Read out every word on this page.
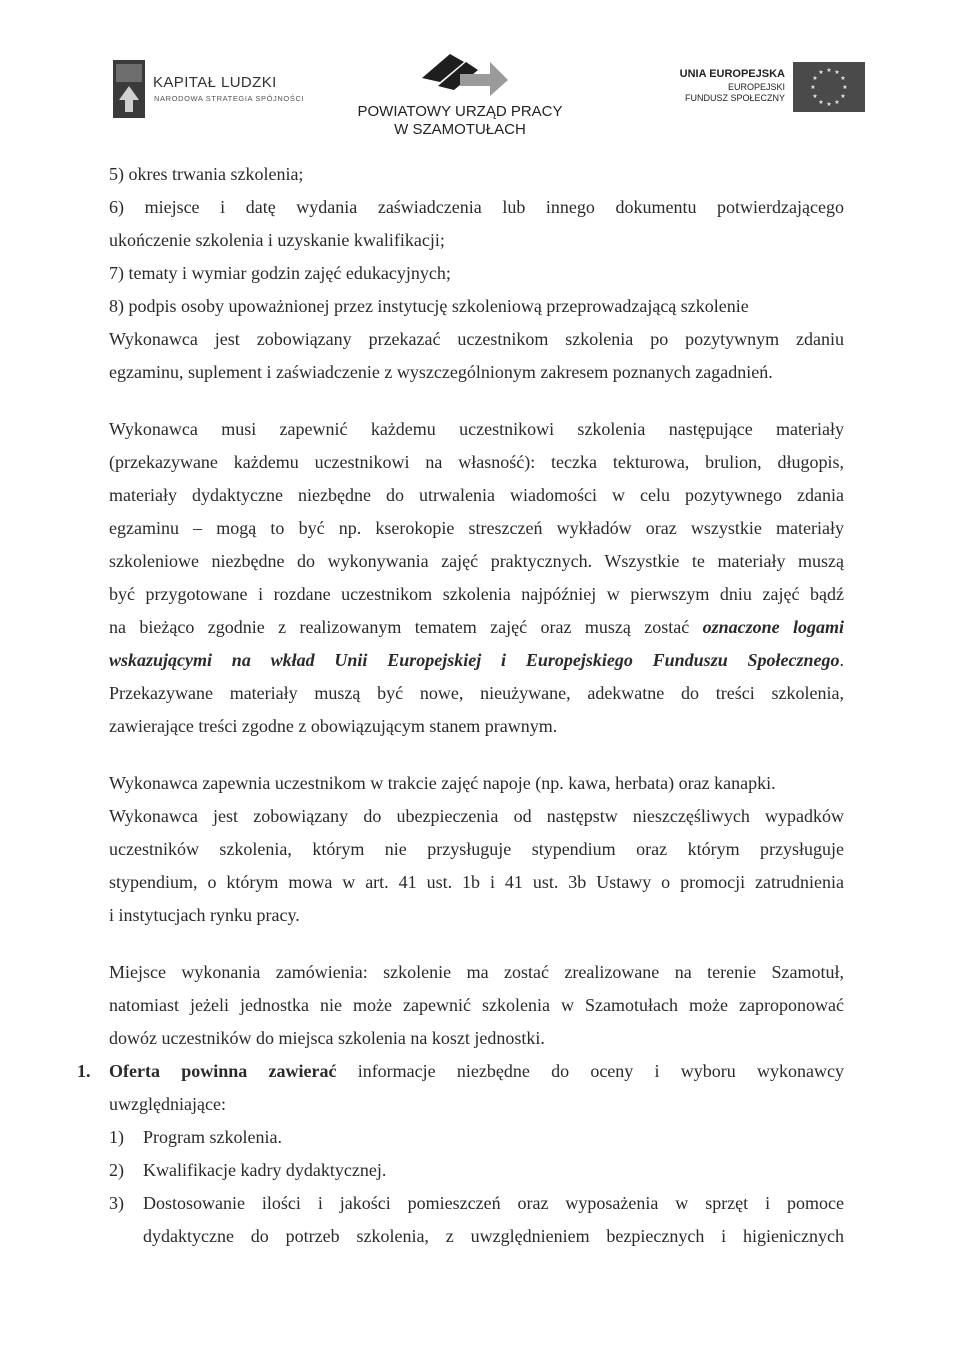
KAPITAŁ LUDZKI
NARODOWA STRATEGIA SPÓJNOŚCI
POWIATOWY URZĄD PRACY
W SZAMOTUŁACH
UNIA EUROPEJSKA
EUROPEJSKI
FUNDUSZ SPOŁECZNY
★ ★
★
★
★
★
★
★
★
★
★
★
5) okres trwania szkolenia;
6) miejsce i datę wydania zaświadczenia lub innego dokumentu potwierdzającego
ukończenie szkolenia i uzyskanie kwalifikacji;
7) tematy i wymiar godzin zajęć edukacyjnych;
8) podpis osoby upoważnionej przez instytucję szkoleniową przeprowadzającą szkolenie
Wykonawca jest zobowiązany przekazać uczestnikom szkolenia po pozytywnym zdaniu
egzaminu, suplement i zaświadczenie z wyszczególnionym zakresem poznanych zagadnień.
Wykonawca musi zapewnić każdemu uczestnikowi szkolenia następujące materiały
(przekazywane każdemu uczestnikowi na własność): teczka tekturowa, brulion, długopis,
materiały dydaktyczne niezbędne do utrwalenia wiadomości w celu pozytywnego zdania
egzaminu – mogą to być np. kserokopie streszczeń wykładów oraz wszystkie materiały
szkoleniowe niezbędne do wykonywania zajęć praktycznych. Wszystkie te materiały muszą
być przygotowane i rozdane uczestnikom szkolenia najpóźniej w pierwszym dniu zajęć bądź
na bieżąco zgodnie z realizowanym tematem zajęć oraz muszą zostać oznaczone logami
wskazującymi na wkład Unii Europejskiej i Europejskiego Funduszu Społecznego.
Przekazywane materiały muszą być nowe, nieużywane, adekwatne do treści szkolenia,
zawierające treści zgodne z obowiązującym stanem prawnym.
Wykonawca zapewnia uczestnikom w trakcie zajęć napoje (np. kawa, herbata) oraz kanapki.
Wykonawca jest zobowiązany do ubezpieczenia od następstw nieszczęśliwych wypadków
uczestników szkolenia, którym nie przysługuje stypendium oraz którym przysługuje
stypendium, o którym mowa w art. 41 ust. 1b i 41 ust. 3b Ustawy o promocji zatrudnienia
i instytucjach rynku pracy.
Miejsce wykonania zamówienia: szkolenie ma zostać zrealizowane na terenie Szamotuł,
natomiast jeżeli jednostka nie może zapewnić szkolenia w Szamotułach może zaproponować
dowóz uczestników do miejsca szkolenia na koszt jednostki.
1. Oferta powinna zawierać informacje niezbędne do oceny i wyboru wykonawcy
uwzględniające:
1) Program szkolenia.
2) Kwalifikacje kadry dydaktycznej.
3) Dostosowanie ilości i jakości pomieszczeń oraz wyposażenia w sprzęt i pomoce
dydaktyczne do potrzeb szkolenia, z uwzględnieniem bezpiecznych i higienicznych
